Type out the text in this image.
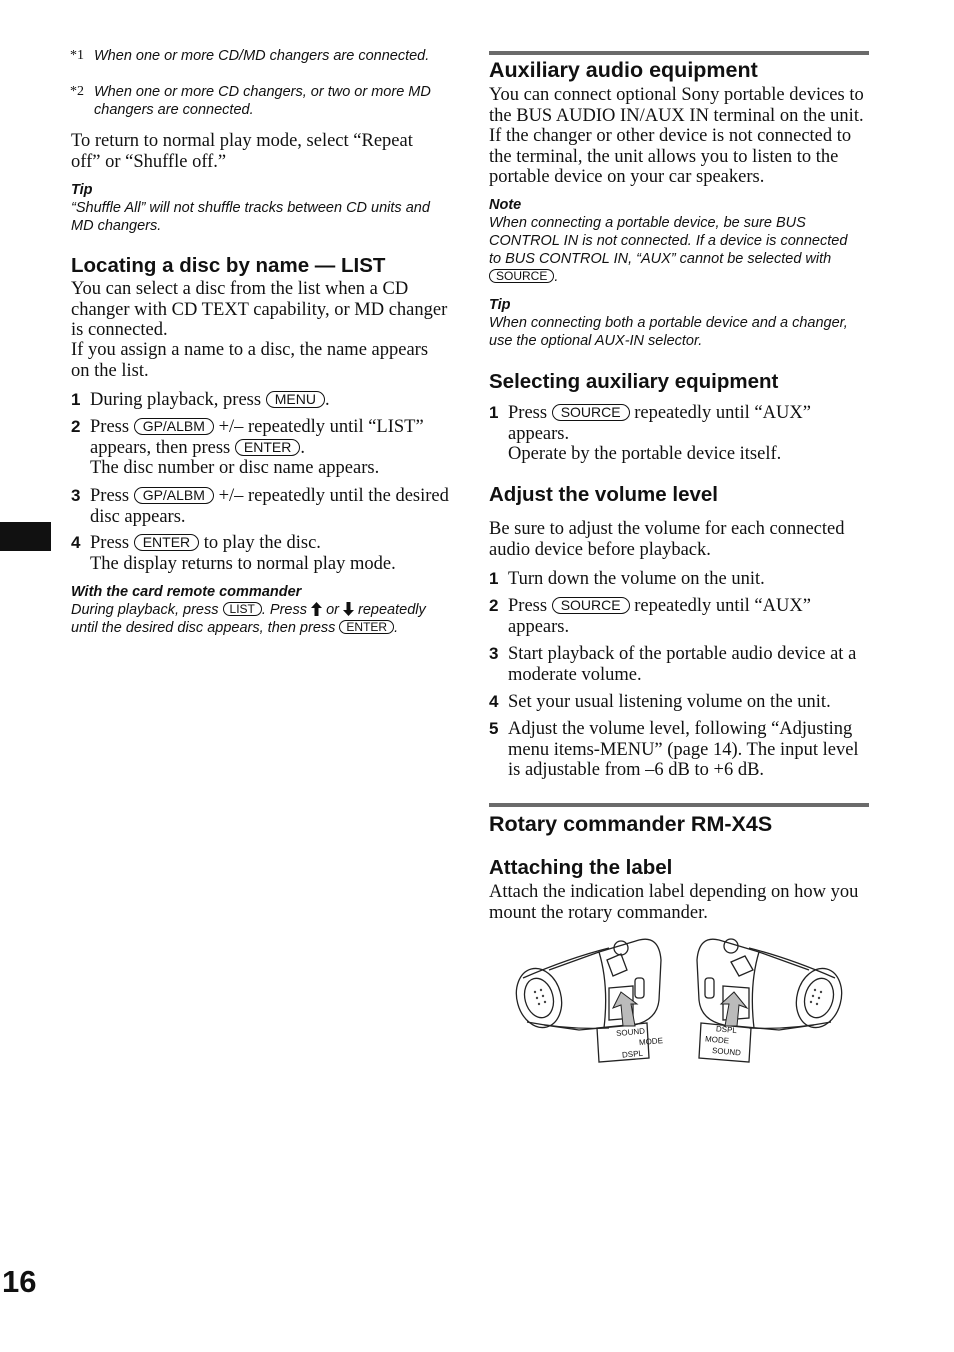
*1 When one or more CD/MD changers are connected.
*2 When one or more CD changers, or two or more MD changers are connected.

To return to normal play mode, select “Repeat off” or “Shuffle off.”

Tip
“Shuffle All” will not shuffle tracks between CD units and MD changers.
Locating a disc by name — LIST

You can select a disc from the list when a CD changer with CD TEXT capability, or MD changer is connected.

If you assign a name to a disc, the name appears on the list.

1 During playback, press MENU .
2 Press GP/ALBM +/– repeatedly until “LIST” appears, then press ENTER .
The disc number or disc name appears.
3 Press GP/ALBM +/– repeatedly until the desired disc appears.
4 Press ENTER to play the disc.
The display returns to normal play mode.
With the card remote commander
During playback, press LIST . Press or repeatedly until the desired disc appears, then press ENTER .
Auxiliary audio equipment

You can connect optional Sony portable devices to the BUS AUDIO IN/AUX IN terminal on the unit. If the changer or other device is not connected to the terminal, the unit allows you to listen to the portable device on your car speakers.

Note
When connecting a portable device, be sure BUS CONTROL IN is not connected. If a device is connected to BUS CONTROL IN, “AUX” cannot be selected with SOURCE .
Tip
When connecting both a portable device and a changer, use the optional AUX-IN selector.
Selecting auxiliary equipment
1 Press SOURCE repeatedly until “AUX” appears.
Operate by the portable device itself.
Adjust the volume level

Be sure to adjust the volume for each connected audio device before playback.

1 Turn down the volume on the unit.
2 Press SOURCE repeatedly until “AUX” appears.
3 Start playback of the portable audio device at a moderate volume.
4 Set your usual listening volume on the unit.
5 Adjust the volume level, following “Adjusting menu items-MENU” (page 14). The input level is adjustable from –6 dB to +6 dB.
Rotary commander RM-X4S
Attaching the label

Attach the indication label depending on how you mount the rotary commander.

SOUND
MODE
DSPL
DSPL
MODE
SOUND
16
